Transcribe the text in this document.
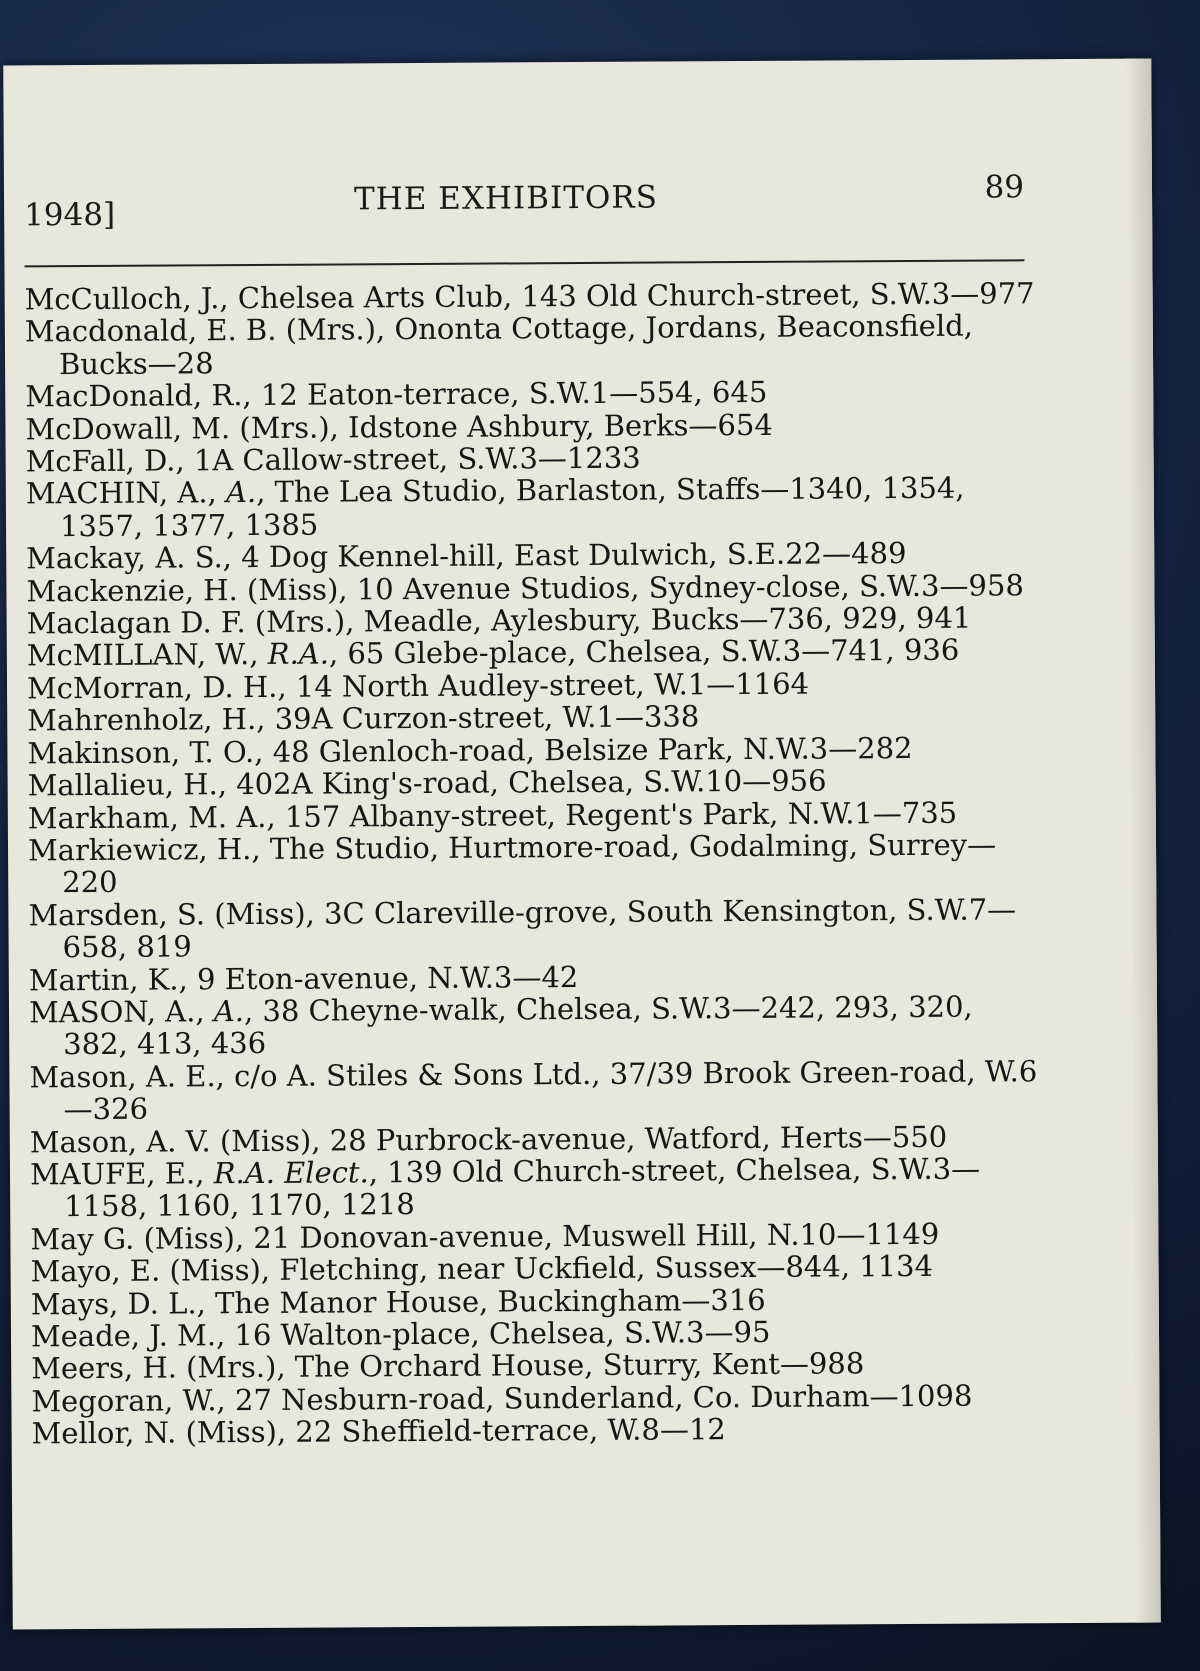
1948]	THE EXHIBITORS	89
McCulloch, J., Chelsea Arts Club, 143 Old Church-street, S.W.3—977
Macdonald, E. B. (Mrs.), Ononta Cottage, Jordans, Beaconsfield, Bucks—28
MacDonald, R., 12 Eaton-terrace, S.W.1—554, 645
McDowall, M. (Mrs.), Idstone Ashbury, Berks—654
McFall, D., 1A Callow-street, S.W.3—1233
MACHIN, A., A., The Lea Studio, Barlaston, Staffs—1340, 1354, 1357, 1377, 1385
Mackay, A. S., 4 Dog Kennel-hill, East Dulwich, S.E.22—489
Mackenzie, H. (Miss), 10 Avenue Studios, Sydney-close, S.W.3—958
Maclagan D. F. (Mrs.), Meadle, Aylesbury, Bucks—736, 929, 941
McMILLAN, W., R.A., 65 Glebe-place, Chelsea, S.W.3—741, 936
McMorran, D. H., 14 North Audley-street, W.1—1164
Mahrenholz, H., 39A Curzon-street, W.1—338
Makinson, T. O., 48 Glenloch-road, Belsize Park, N.W.3—282
Mallalieu, H., 402A King's-road, Chelsea, S.W.10—956
Markham, M. A., 157 Albany-street, Regent's Park, N.W.1—735
Markiewicz, H., The Studio, Hurtmore-road, Godalming, Surrey—220
Marsden, S. (Miss), 3C Clareville-grove, South Kensington, S.W.7—658, 819
Martin, K., 9 Eton-avenue, N.W.3—42
MASON, A., A., 38 Cheyne-walk, Chelsea, S.W.3—242, 293, 320, 382, 413, 436
Mason, A. E., c/o A. Stiles & Sons Ltd., 37/39 Brook Green-road, W.6—326
Mason, A. V. (Miss), 28 Purbrock-avenue, Watford, Herts—550
MAUFE, E., R.A. Elect., 139 Old Church-street, Chelsea, S.W.3—1158, 1160, 1170, 1218
May G. (Miss), 21 Donovan-avenue, Muswell Hill, N.10—1149
Mayo, E. (Miss), Fletching, near Uckfield, Sussex—844, 1134
Mays, D. L., The Manor House, Buckingham—316
Meade, J. M., 16 Walton-place, Chelsea, S.W.3—95
Meers, H. (Mrs.), The Orchard House, Sturry, Kent—988
Megoran, W., 27 Nesburn-road, Sunderland, Co. Durham—1098
Mellor, N. (Miss), 22 Sheffield-terrace, W.8—12
